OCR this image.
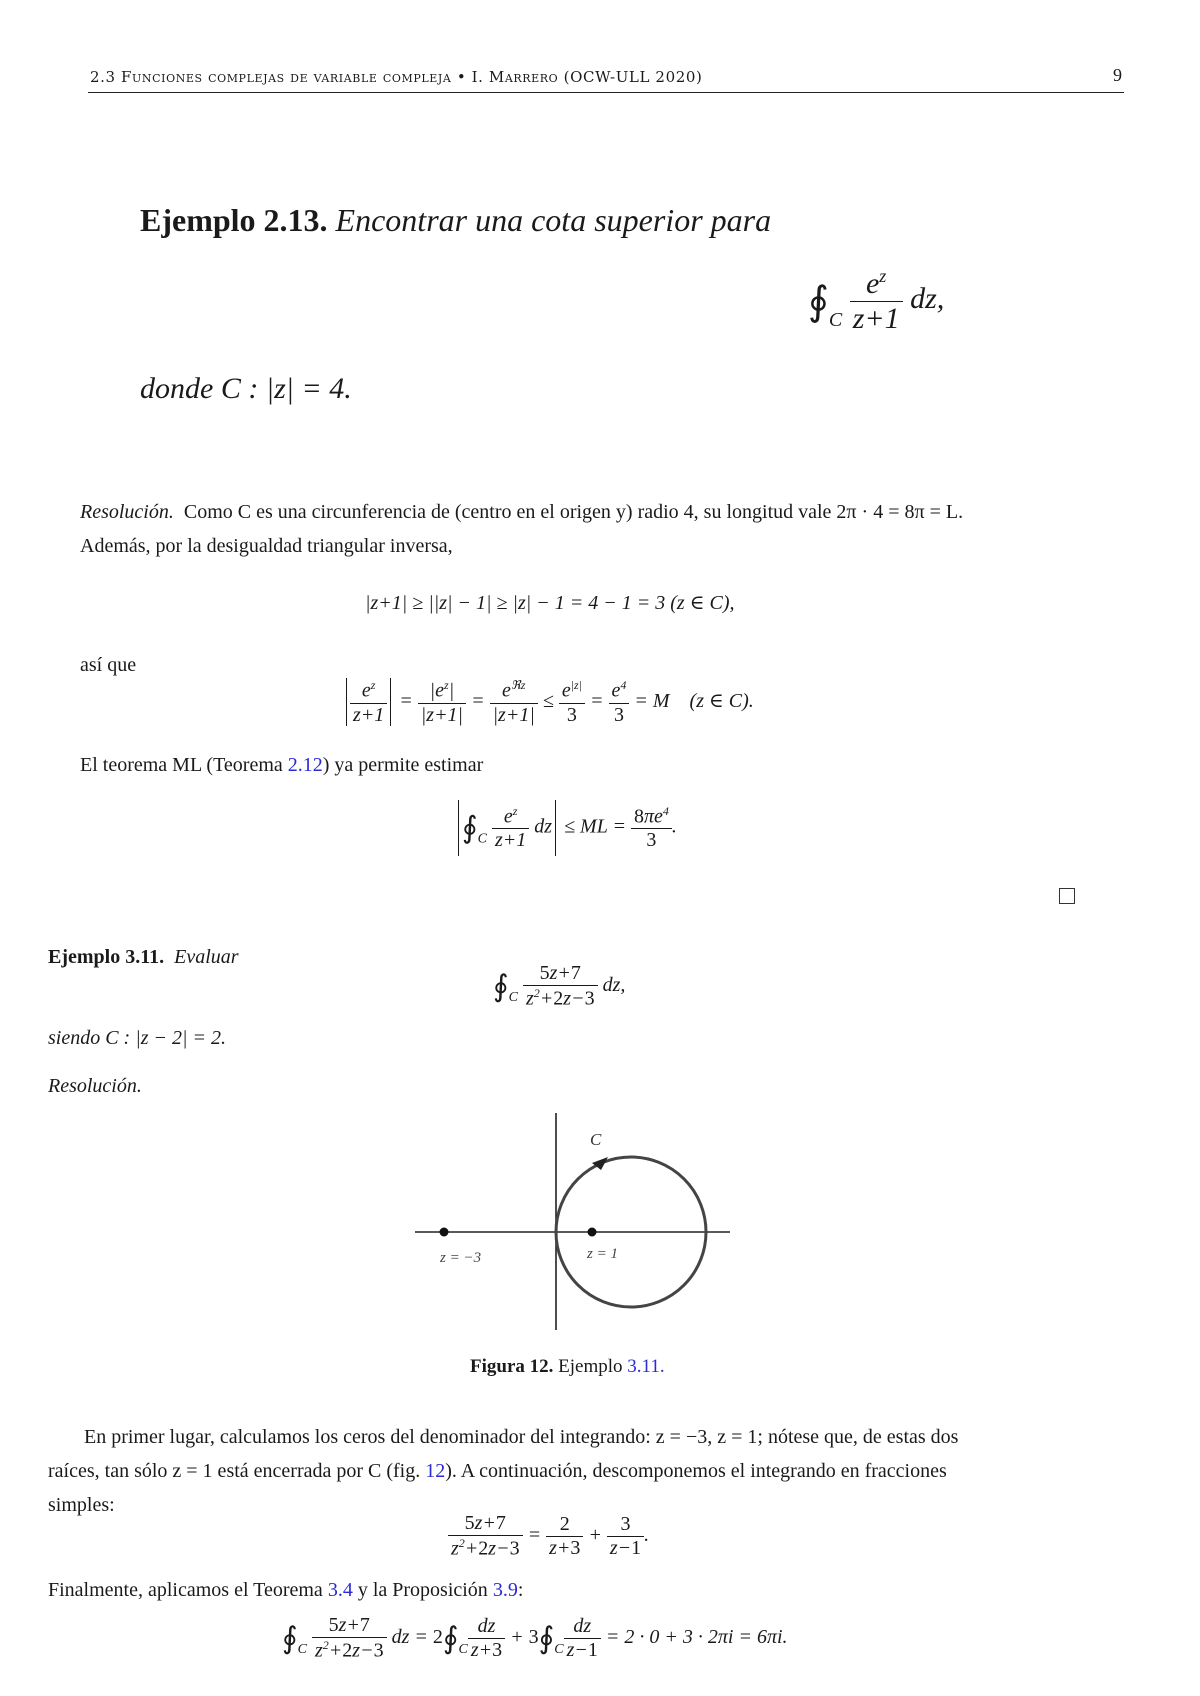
2.3 Funciones complejas de variable compleja • I. Marrero (OCW-ULL 2020)	9
Ejemplo 2.13. Encontrar una cota superior para
$∮_C \frac{e^z}{z+1}$ dz,
donde C : |z| = 4.
Resolución. Como C es una circunferencia de (centro en el origen y) radio 4, su longitud vale 2π · 4 = 8π = L.
Además, por la desigualdad triangular inversa,
|z+1| ≥ ||z| − 1| ≥ |z| − 1 = 4 − 1 = 3 (z ∈ C),
así que
$\frac{e^z}{z+1} = \frac{|e^z|}{|z+1|} = \frac{e^{ℜz}}{|z+1|} \le \frac{e^{|z|}}{3} = \frac{e^4}{3} = M$    (z ∈ C).
El teorema ML (Teorema 2.12) ya permite estimar
$∮_C \frac{e^z}{z+1}$ dz ≤ ML = $\frac{8\pi e^4}{3}$ .
Ejemplo 3.11. Evaluar
$∮_C \frac{5z+7}{z^2+2z-3}$ dz,
siendo C : |z − 2| = 2.
Resolución.
C
z = −3	z = 1
Figura 12. Ejemplo 3.11.
En primer lugar, calculamos los ceros del denominador del integrando: z = −3, z = 1; nótese que, de estas dos
raíces, tan sólo z = 1 está encerrada por C (fig. 12). A continuación, descomponemos el integrando en fracciones
simples:
$\frac{5z+7}{z^2+2z-3} = \frac{2}{z+3} + \frac{3}{z-1}$ .
Finalmente, aplicamos el Teorema 3.4 y la Proposición 3.9:
$∮_C \frac{5z+7}{z^2+2z-3}$ dz = $2∮_C \frac{dz}{z+3}$ + $3∮_C \frac{dz}{z-1} = 2 \cdot 0 + 3 \cdot 2\pi i = 6\pi i$.
